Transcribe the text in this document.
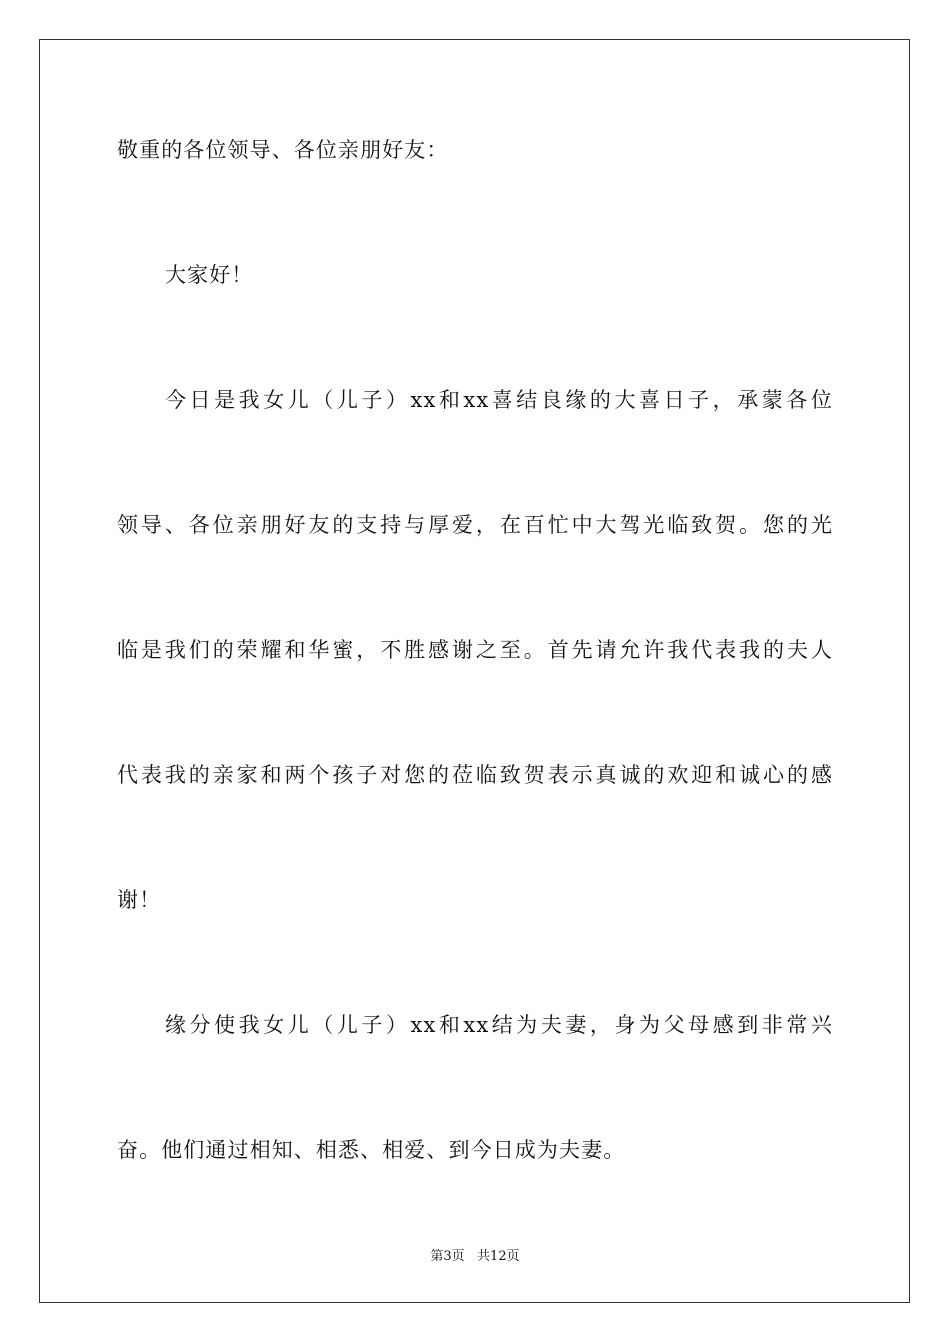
敬重的各位领导、各位亲朋好友：
大家好！
今日是我女儿（儿子）xx和xx喜结良缘的大喜日子，承蒙各位
领导、各位亲朋好友的支持与厚爱，在百忙中大驾光临致贺。您的光
临是我们的荣耀和华蜜，不胜感谢之至。首先请允许我代表我的夫人
代表我的亲家和两个孩子对您的莅临致贺表示真诚的欢迎和诚心的感
谢！
缘分使我女儿（儿子）xx和xx结为夫妻，身为父母感到非常兴
奋。他们通过相知、相悉、相爱、到今日成为夫妻。
第3页   共12页
